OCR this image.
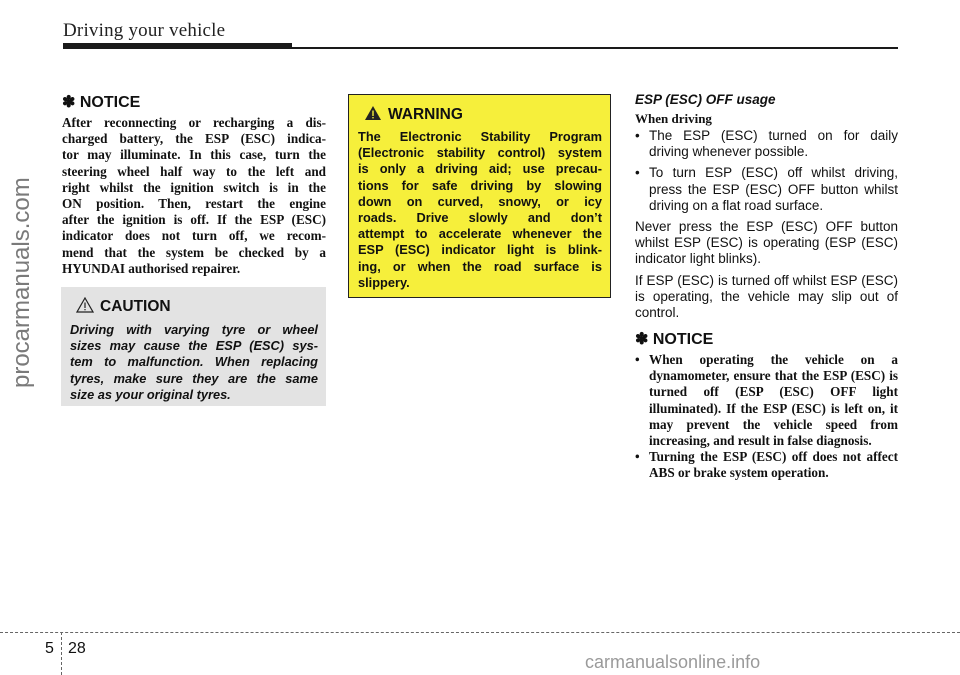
Driving your vehicle
✽ NOTICE
After reconnecting or recharging a dis-
charged battery, the ESP (ESC) indica-
tor may illuminate. In this case, turn the
steering wheel half way to the left and
right whilst the ignition switch is in the
ON position. Then, restart the engine
after the ignition is off. If the ESP (ESC)
indicator does not turn off, we recom-
mend that the system be checked by a
HYUNDAI authorised repairer.
CAUTION
Driving with varying tyre or wheel
sizes may cause the ESP (ESC) sys-
tem to malfunction. When replacing
tyres, make sure they are the same
size as your original tyres.
WARNING
The Electronic Stability Program
(Electronic stability control) system
is only a driving aid; use precau-
tions for safe driving by slowing
down on curved, snowy, or icy
roads. Drive slowly and don’t
attempt to accelerate whenever the
ESP (ESC) indicator light is blink-
ing, or when the road surface is
slippery.
ESP (ESC) OFF usage
When driving
• The ESP (ESC) turned on for daily driving whenever possible.
• To turn ESP (ESC) off whilst driving, press the ESP (ESC) OFF button whilst driving on a flat road surface.

Never press the ESP (ESC) OFF button whilst ESP (ESC) is operating (ESP (ESC) indicator light blinks).

If ESP (ESC) is turned off whilst ESP (ESC) is operating, the vehicle may slip out of control.

✽ NOTICE
• When operating the vehicle on a dynamometer, ensure that the ESP (ESC) is turned off (ESP (ESC) OFF light illuminated). If the ESP (ESC) is left on, it may prevent the vehicle speed from increasing, and result in false diagnosis.
• Turning the ESP (ESC) off does not affect ABS or brake system operation.
5 28
procarmanuals.com
carmanualsonline.info
